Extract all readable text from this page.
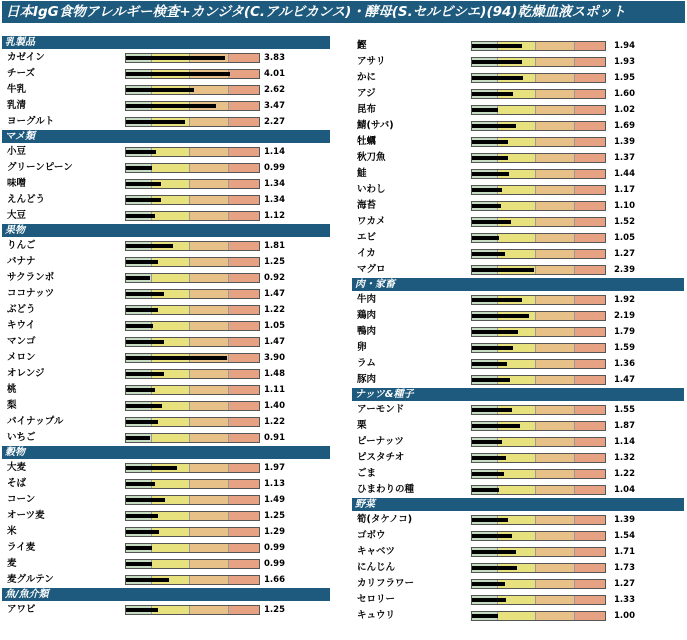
日本IgG食物アレルギー検査+カンジタ(C.アルビカンス)・酵母(S.セルビシエ)(94)乾燥血液スポット
乳製品
カゼイン	3.83
チーズ	4.01
牛乳	2.62
乳清	3.47
ヨーグルト	2.27
マメ類
小豆	1.14
グリーンピーン	0.99
味噌	1.34
えんどう	1.34
大豆	1.12
果物
りんご	1.81
バナナ	1.25
サクランボ	0.92
ココナッツ	1.47
ぶどう	1.22
キウイ	1.05
マンゴ	1.47
メロン	3.90
オレンジ	1.48
桃	1.11
梨	1.40
パイナップル	1.22
いちご	0.91
穀物
大麦	1.97
そば	1.13
コーン	1.49
オーツ麦	1.25
米	1.29
ライ麦	0.99
麦	0.99
麦グルテン	1.66
魚/魚介類
アワビ	1.25
鰹	1.94
アサリ	1.93
かに	1.95
アジ	1.60
昆布	1.02
鯖(サバ)	1.69
牡蠣	1.39
秋刀魚	1.37
鮭	1.44
いわし	1.17
海苔	1.10
ワカメ	1.52
エビ	1.05
イカ	1.27
マグロ	2.39
肉・家畜
牛肉	1.92
鶏肉	2.19
鴨肉	1.79
卵	1.59
ラム	1.36
豚肉	1.47
ナッツ&種子
アーモンド	1.55
栗	1.87
ピーナッツ	1.14
ピスタチオ	1.32
ごま	1.22
ひまわりの種	1.04
野菜
筍(タケノコ)	1.39
ゴボウ	1.54
キャベツ	1.71
にんじん	1.73
カリフラワー	1.27
セロリー	1.33
キュウリ	1.00
